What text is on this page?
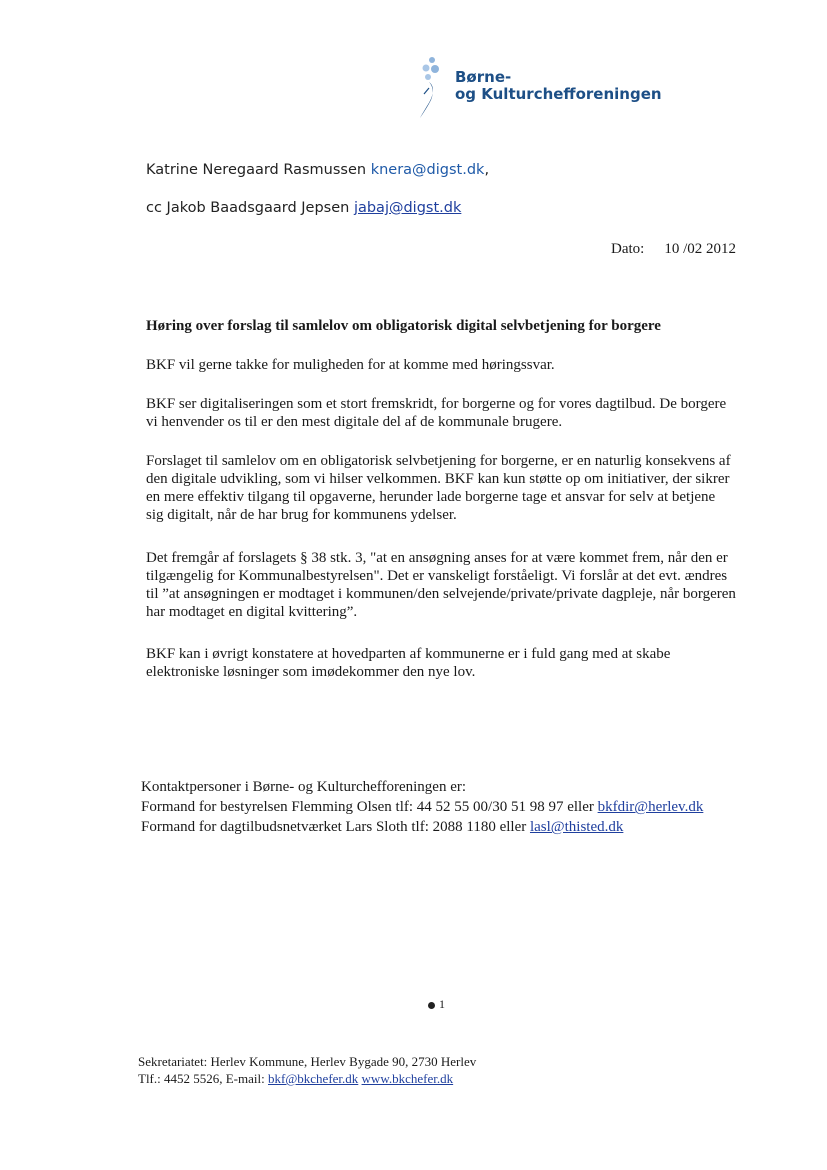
Børne-
og Kulturchefforeningen
Katrine Neregaard Rasmussen knera@digst.dk,
cc Jakob Baadsgaard Jepsen jabaj@digst.dk
Dato: 10 /02 2012
Høring over forslag til samlelov om obligatorisk digital selvbetjening for borgere

BKF vil gerne takke for muligheden for at komme med høringssvar.

BKF ser digitaliseringen som et stort fremskridt, for borgerne og for vores dagtilbud. De borgere vi henvender os til er den mest digitale del af de kommunale brugere.

Forslaget til samlelov om en obligatorisk selvbetjening for borgerne, er en naturlig konsekvens af den digitale udvikling, som vi hilser velkommen. BKF kan kun støtte op om initiativer, der sikrer en mere effektiv tilgang til opgaverne, herunder lade borgerne tage et ansvar for selv at betjene sig digitalt, når de har brug for kommunens ydelser.

Det fremgår af forslagets § 38 stk. 3, "at en ansøgning anses for at være kommet frem, når den er tilgængelig for Kommunalbestyrelsen". Det er vanskeligt forståeligt. Vi forslår at det evt. ændres til ”at ansøgningen er modtaget i kommunen/den selvejende/private/private dagpleje, når borgeren har modtaget en digital kvittering”.

BKF kan i øvrigt konstatere at hovedparten af kommunerne er i fuld gang med at skabe elektroniske løsninger som imødekommer den nye lov.

Kontaktpersoner i Børne- og Kulturchefforeningen er:
Formand for bestyrelsen Flemming Olsen tlf: 44 52 55 00/30 51 98 97 eller bkfdir@herlev.dk
Formand for dagtilbudsnetværket Lars Sloth tlf: 2088 1180 eller lasl@thisted.dk
1
Sekretariatet: Herlev Kommune, Herlev Bygade 90, 2730 Herlev
Tlf.: 4452 5526, E-mail: bkf@bkchefer.dk www.bkchefer.dk
